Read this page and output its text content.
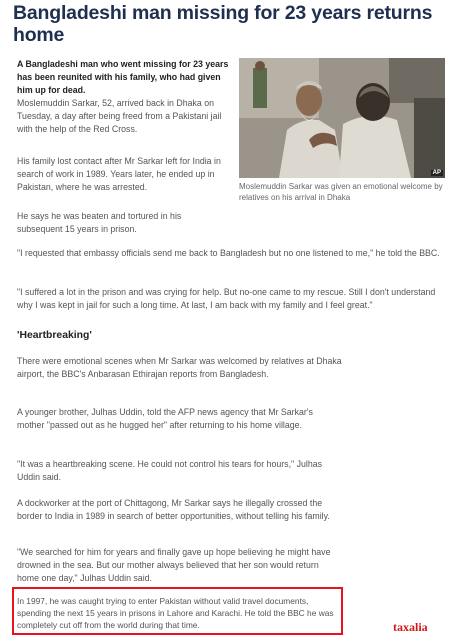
Bangladeshi man missing for 23 years returns home

A Bangladeshi man who went missing for 23 years has been reunited with his family, who had given him up for dead.

AP

Moslemuddin Sarkar was given an emotional welcome by relatives on his arrival in Dhaka

Moslemuddin Sarkar, 52, arrived back in Dhaka on Tuesday, a day after being freed from a Pakistani jail with the help of the Red Cross.

His family lost contact after Mr Sarkar left for India in search of work in 1989. Years later, he ended up in Pakistan, where he was arrested.

He says he was beaten and tortured in his subsequent 15 years in prison.

"I requested that embassy officials send me back to Bangladesh but no one listened to me," he told the BBC.

"I suffered a lot in the prison and was crying for help. But no-one came to my rescue. Still I don't understand why I was kept in jail for such a long time. At last, I am back with my family and I feel great."

'Heartbreaking'

There were emotional scenes when Mr Sarkar was welcomed by relatives at Dhaka airport, the BBC's Anbarasan Ethirajan reports from Bangladesh.

A younger brother, Julhas Uddin, told the AFP news agency that Mr Sarkar's mother "passed out as he hugged her" after returning to his home village.

"It was a heartbreaking scene. He could not control his tears for hours," Julhas Uddin said.

A dockworker at the port of Chittagong, Mr Sarkar says he illegally crossed the border to India in 1989 in search of better opportunities, without telling his family.

"We searched for him for years and finally gave up hope believing he might have drowned in the sea. But our mother always believed that her son would return home one day," Julhas Uddin said.

In 1997, he was caught trying to enter Pakistan without valid travel documents, spending the next 15 years in prisons in Lahore and Karachi. He told the BBC he was completely cut off from the world during that time.	taxalia
